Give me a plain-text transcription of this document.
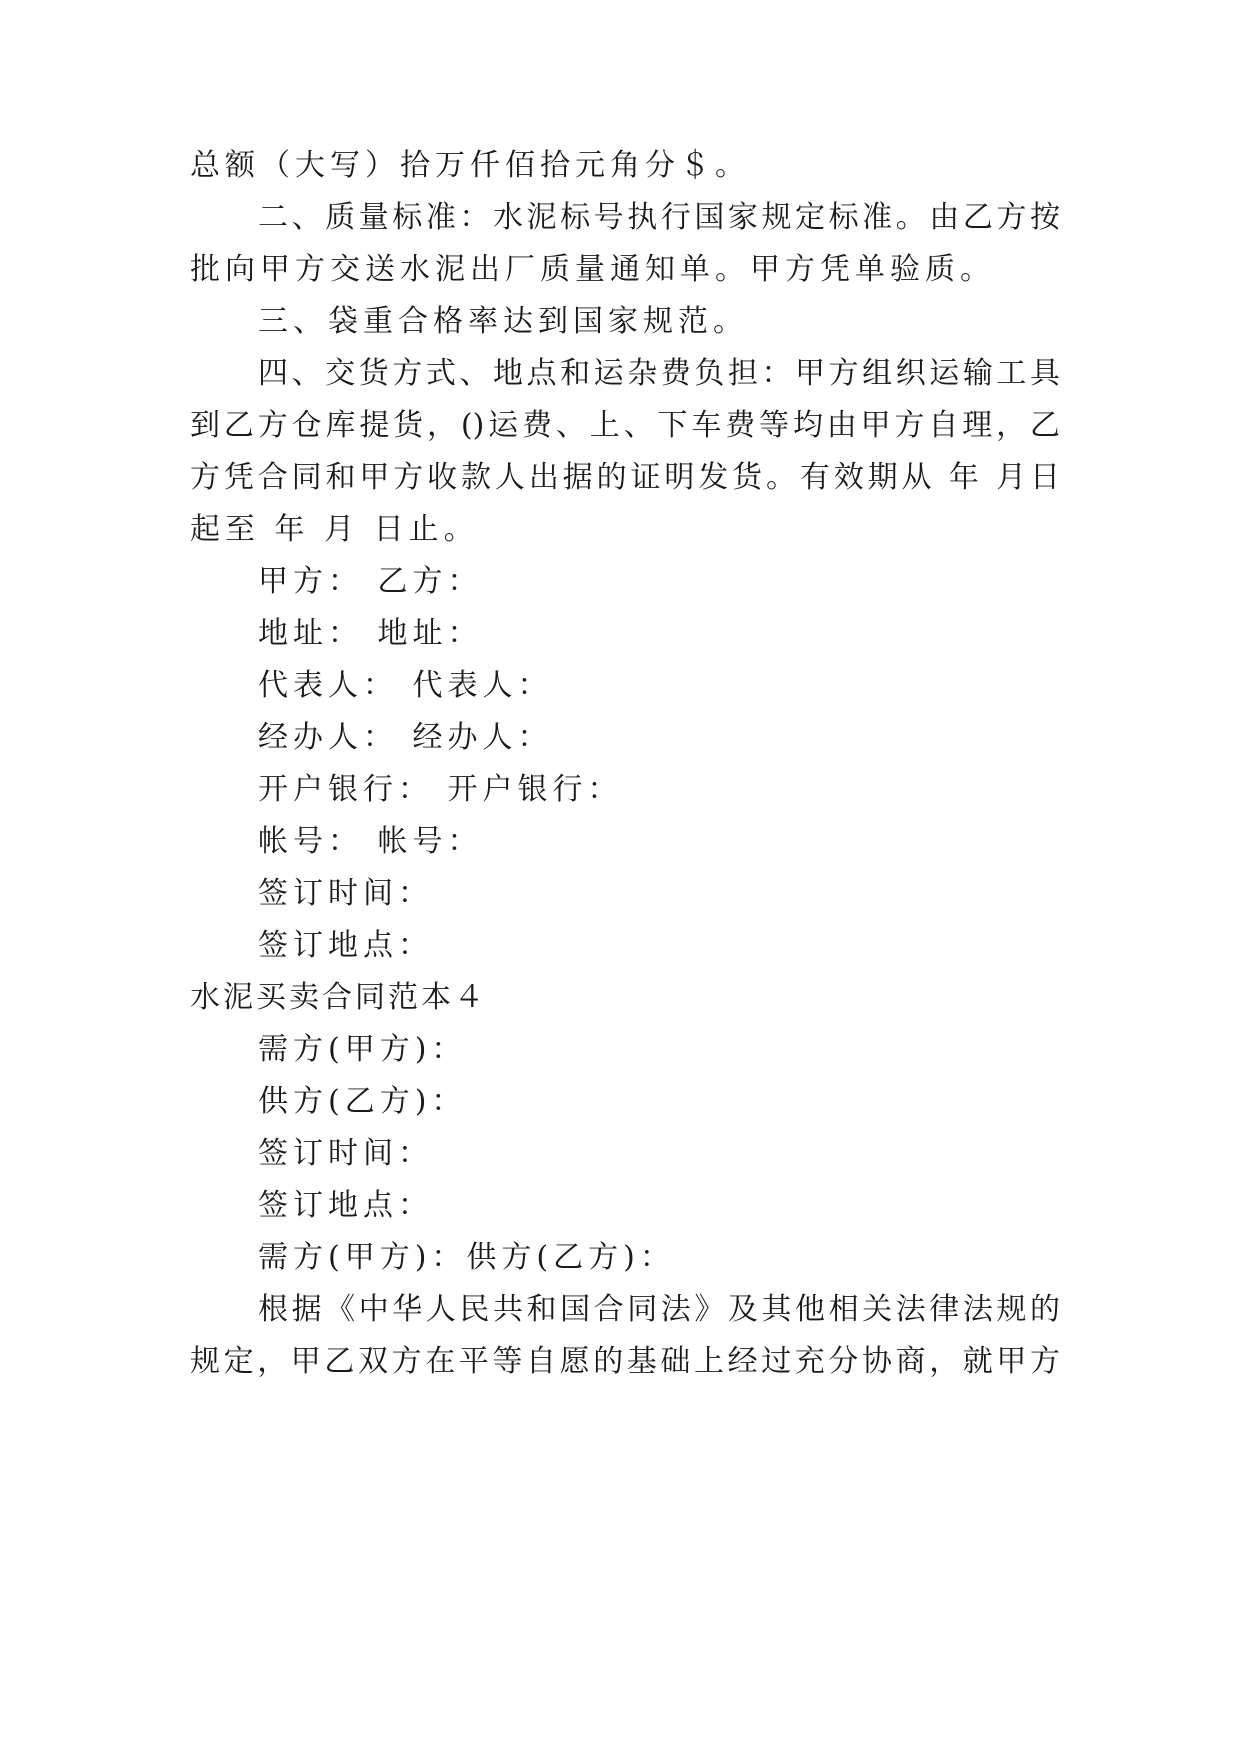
总额（大写）拾万仟佰拾元角分＄。
二、质量标准：水泥标号执行国家规定标准。由乙方按
批向甲方交送水泥出厂质量通知单。甲方凭单验质。
三、袋重合格率达到国家规范。
四、交货方式、地点和运杂费负担：甲方组织运输工具
到乙方仓库提货，()运费、上、下车费等均由甲方自理，乙
方凭合同和甲方收款人出据的证明发货。有效期从 年 月日
起至 年 月 日止。
甲方： 乙方：
地址： 地址：
代表人： 代表人：
经办人： 经办人：
开户银行： 开户银行：
帐号： 帐号：
签订时间：
签订地点：
水泥买卖合同范本４
需方(甲方)：
供方(乙方)：
签订时间：
签订地点：
需方(甲方)：供方(乙方)：
根据《中华人民共和国合同法》及其他相关法律法规的
规定，甲乙双方在平等自愿的基础上经过充分协商，就甲方
